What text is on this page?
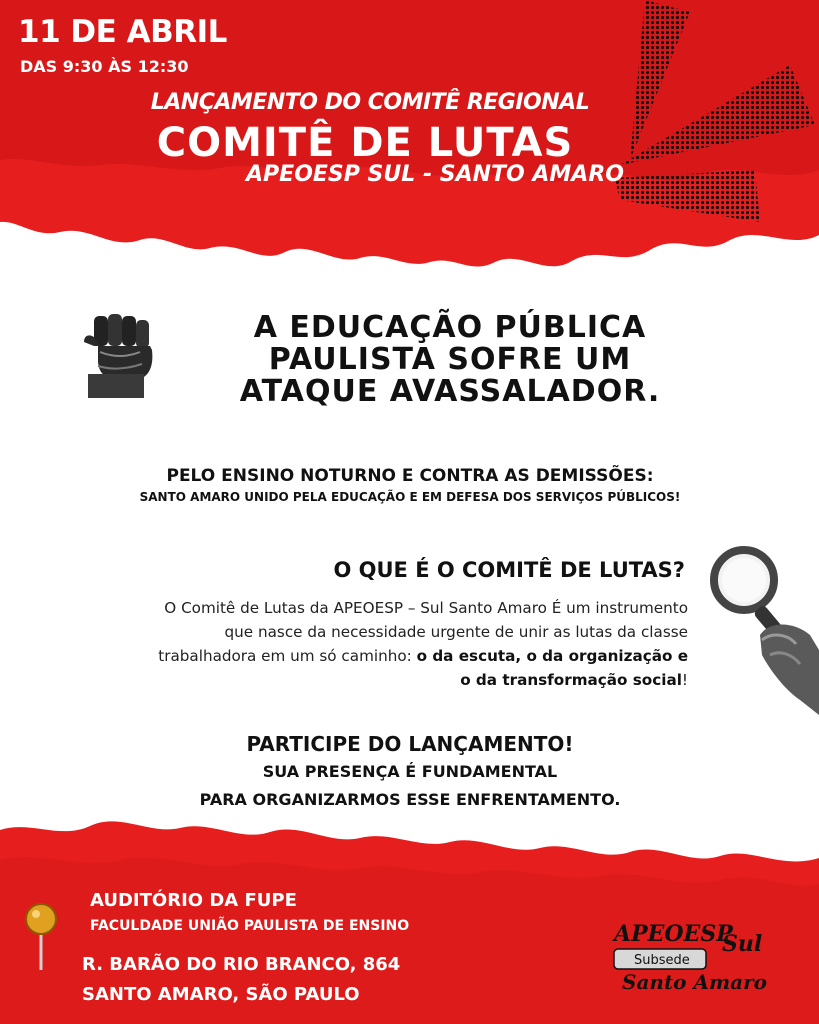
11 DE ABRIL
DAS 9:30 ÀS 12:30
LANÇAMENTO DO COMITÊ REGIONAL
COMITÊ DE LUTAS
APEOESP SUL - SANTO AMARO
A EDUCAÇÃO PÚBLICA
PAULISTA SOFRE UM
ATAQUE AVASSALADOR.
PELO ENSINO NOTURNO E CONTRA AS DEMISSÕES:
SANTO AMARO UNIDO PELA EDUCAÇÃO E EM DEFESA DOS SERVIÇOS PÚBLICOS!
O QUE É O COMITÊ DE LUTAS?
O Comitê de Lutas da APEOESP – Sul Santo Amaro É um instrumento que nasce da necessidade urgente de unir as lutas da classe trabalhadora em um só caminho: o da escuta, o da organização e o da transformação social!
PARTICIPE DO LANÇAMENTO!
SUA PRESENÇA É FUNDAMENTAL
PARA ORGANIZARMOS ESSE ENFRENTAMENTO.
AUDITÓRIO DA FUPE
FACULDADE UNIÃO PAULISTA DE ENSINO
R. BARÃO DO RIO BRANCO, 864
SANTO AMARO, SÃO PAULO
APEOESP
Subsede
Sul
Santo Amaro
